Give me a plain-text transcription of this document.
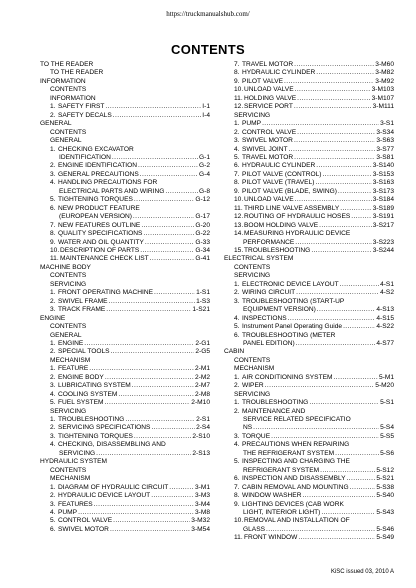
https://truckmanualshub.com/
CONTENTS
TO THE READER
TO THE READER
INFORMATION
CONTENTS
INFORMATION
1. SAFETY FIRST .....	I-1
2. SAFETY DECALS .....	I-4
GENERAL
CONTENTS
GENERAL
1. CHECKING EXCAVATOR
IDENTIFICATION .....	G-1
2. ENGINE IDENTIFICATION .....	G-2
3. GENERAL PRECAUTIONS .....	G-4
4. HANDLING PRECAUTIONS FOR
ELECTRICAL PARTS AND WIRING .....	G-8
5. TIGHTENING TORQUES .....	G-12
6. NEW PRODUCT FEATURE
(EUROPEAN VERSION) .....	G-17
7. NEW FEATURES OUTLINE .....	G-20
8. QUALITY SPECIFICATIONS .....	G-22
9. WATER AND OIL QUANTITY .....	G-33
10. DESCRIPTION OF PARTS .....	G-34
11. MAINTENANCE CHECK LIST .....	G-41
MACHINE BODY
CONTENTS
SERVICING
1. FRONT OPERATING MACHINE .....	1-S1
2. SWIVEL FRAME .....	1-S3
3. TRACK FRAME .....	1-S21
ENGINE
CONTENTS
GENERAL
1. ENGINE .....	2-G1
2. SPECIAL TOOLS .....	2-G5
MECHANISM
1. FEATURE .....	2-M1
2. ENGINE BODY .....	2-M2
3. LUBRICATING SYSTEM .....	2-M7
4. COOLING SYSTEM .....	2-M8
5. FUEL SYSTEM .....	2-M10
SERVICING
1. TROUBLESHOOTING .....	2-S1
2. SERVICING SPECIFICATIONS .....	2-S4
3. TIGHTENING TORQUES .....	2-S10
4. CHECKING, DISASSEMBLING AND
SERVICING .....	2-S13
HYDRAULIC SYSTEM
CONTENTS
MECHANISM
1. DIAGRAM OF HYDRAULIC CIRCUIT .....	3-M1
2. HYDRAULIC DEVICE LAYOUT .....	3-M3
3. FEATURES .....	3-M4
4. PUMP .....	3-M8
5. CONTROL VALVE .....	3-M32
6. SWIVEL MOTOR .....	3-M54
7. TRAVEL MOTOR .....	3-M60
8. HYDRAULIC CYLINDER .....	3-M82
9. PILOT VALVE .....	3-M92
10. UNLOAD VALVE .....	3-M103
11. HOLDING VALVE .....	3-M107
12. SERVICE PORT .....	3-M111
SERVICING
1. PUMP .....	3-S1
2. CONTROL VALVE .....	3-S34
3. SWIVEL MOTOR .....	3-S63
4. SWIVEL JOINT .....	3-S77
5. TRAVEL MOTOR .....	3-S81
6. HYDRAULIC CYLINDER .....	3-S140
7. PILOT VALVE (CONTROL) .....	3-S153
8. PILOT VALVE (TRAVEL) .....	3-S163
9. PILOT VALVE (BLADE, SWING) .....	3-S173
10. UNLOAD VALVE .....	3-S184
11. THIRD LINE VALVE ASSEMBLY .....	3-S189
12. ROUTING OF HYDRAULIC HOSES .....	3-S191
13. BOOM HOLDING VALVE .....	3-S217
14.MEASURING HYDRAULIC DEVICE
PERFORMANCE .....	3-S223
15. TROUBLESHOOTING .....	3-S244
ELECTRICAL SYSTEM
CONTENTS
SERVICING
1. ELECTRONIC DEVICE LAYOUT .....	4-S1
2. WIRING CIRCUIT .....	4-S2
3. TROUBLESHOOTING (START-UP
EQUIPMENT VERSION) .....	4-S13
4. INSPECTIONS .....	4-S15
5. Instrument Panel Operating Guide .....	4-S22
6. TROUBLESHOOTING (METER
PANEL EDITION) .....	4-S77
CABIN
CONTENTS
MECHANISM
1. AIR CONDITIONING SYSTEM .....	5-M1
2. WIPER .....	5-M20
SERVICING
1. TROUBLESHOOTING .....	5-S1
2. MAINTENANCE AND
SERVICE RELATED SPECIFICATIO
NS .....	5-S4
3. TORQUE .....	5-S5
4. PRECAUTIONS WHEN REPAIRING
THE REFRIGERANT SYSTEM .....	5-S6
5. INSPECTING AND CHARGING THE
REFRIGERANT SYSTEM .....	5-S12
6. INSPECTION AND DISASSEMBLY .....	5-S21
7. CABIN REMOVAL AND MOUNTING .....	5-S38
8. WINDOW WASHER .....	5-S40
9. LIGHTING DEVICES (CAB WORK
LIGHT, INTERIOR LIGHT) .....	5-S43
10.REMOVAL AND INSTALLATION OF
GLASS .....	5-S46
11. FRONT WINDOW .....	5-S49
KiSC issued 03, 2010 A
